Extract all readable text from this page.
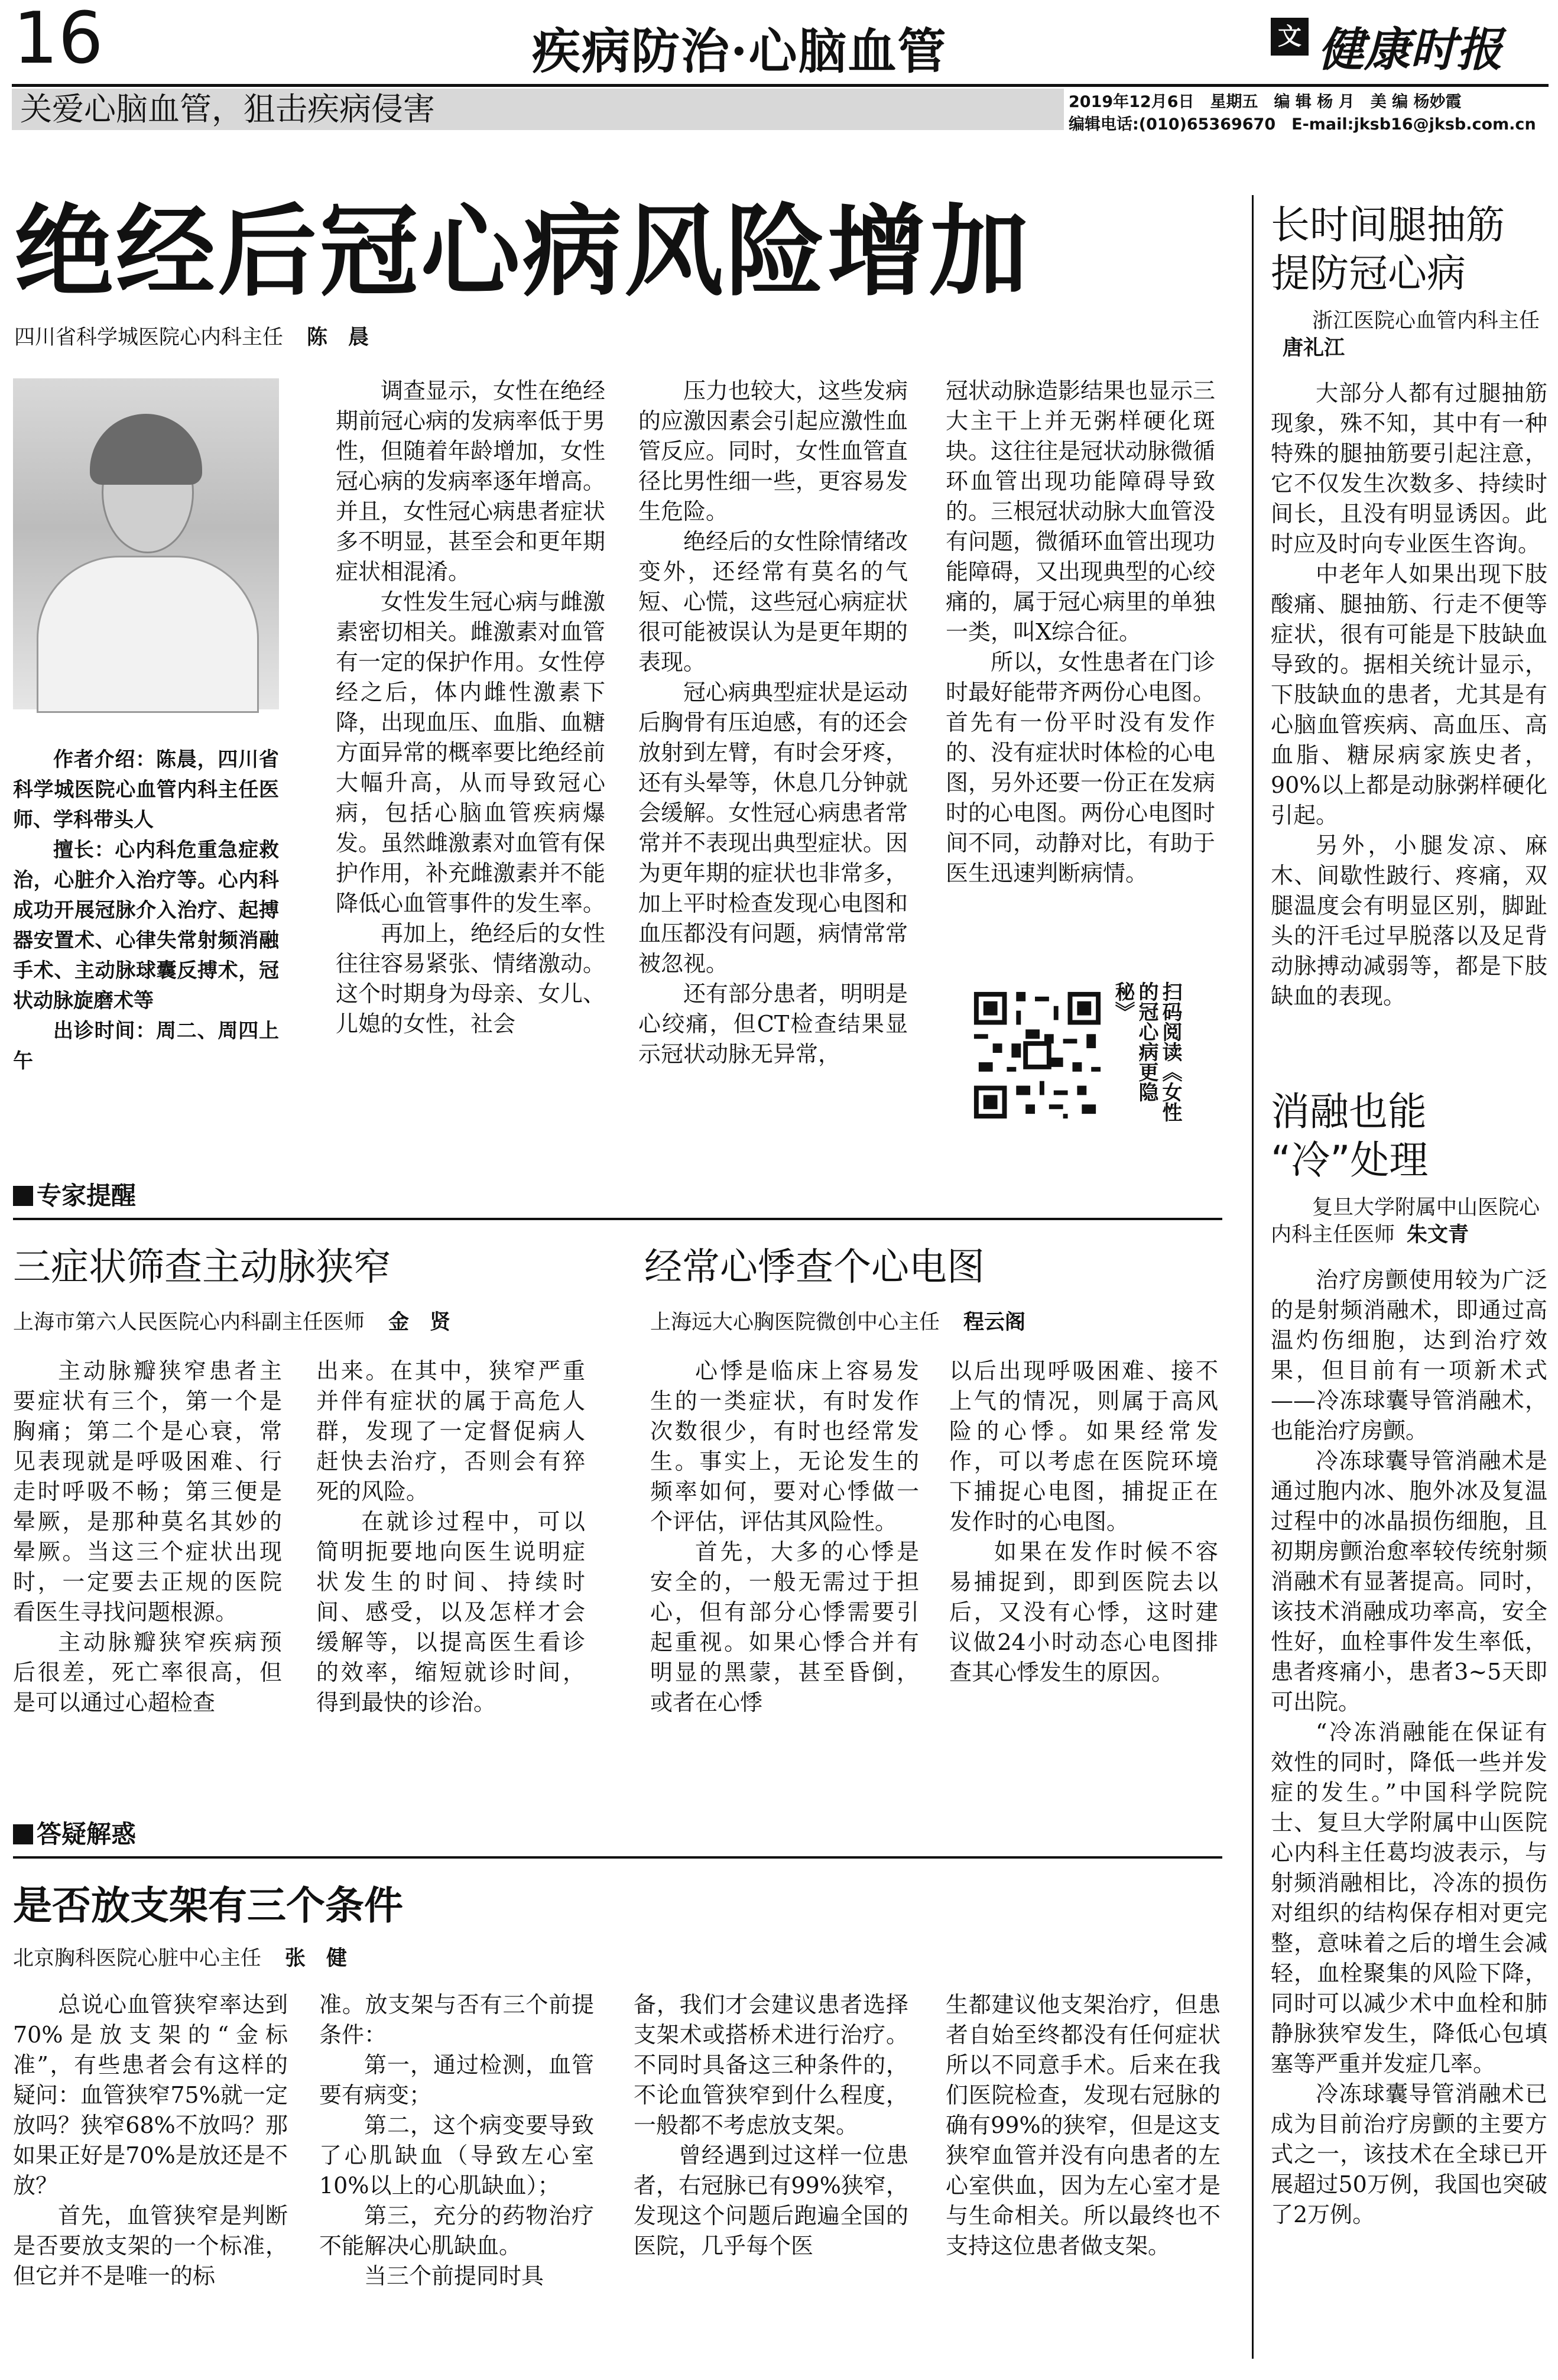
16	疾病防治·心脑血管	文 健康时报
关爱心脑血管，狙击疾病侵害	2019年12月6日　星期五　编 辑 杨 月　美 编 杨妙霞
编辑电话:(010)65369670　E-mail:jksb16@jksb.com.cn
绝经后冠心病风险增加
四川省科学城医院心内科主任 陈　晨

作者介绍：陈晨，四川省科学城医院心血管内科主任医师、学科带头人

擅长：心内科危重急症救治，心脏介入治疗等。心内科成功开展冠脉介入治疗、起搏器安置术、心律失常射频消融手术、主动脉球囊反搏术，冠状动脉旋磨术等

出诊时间：周二、周四上午

调查显示，女性在绝经期前冠心病的发病率低于男性，但随着年龄增加，女性冠心病的发病率逐年增高。并且，女性冠心病患者症状多不明显，甚至会和更年期症状相混淆。

女性发生冠心病与雌激素密切相关。雌激素对血管有一定的保护作用。女性停经之后，体内雌性激素下降，出现血压、血脂、血糖方面异常的概率要比绝经前大幅升高，从而导致冠心病，包括心脑血管疾病爆发。虽然雌激素对血管有保护作用，补充雌激素并不能降低心血管事件的发生率。

再加上，绝经后的女性往往容易紧张、情绪激动。这个时期身为母亲、女儿、儿媳的女性，社会

压力也较大，这些发病的应激因素会引起应激性血管反应。同时，女性血管直径比男性细一些，更容易发生危险。

绝经后的女性除情绪改变外，还经常有莫名的气短、心慌，这些冠心病症状很可能被误认为是更年期的表现。

冠心病典型症状是运动后胸骨有压迫感，有的还会放射到左臂，有时会牙疼，还有头晕等，休息几分钟就会缓解。女性冠心病患者常常并不表现出典型症状。因为更年期的症状也非常多，加上平时检查发现心电图和血压都没有问题，病情常常被忽视。

还有部分患者，明明是心绞痛，但CT检查结果显示冠状动脉无异常，

冠状动脉造影结果也显示三大主干上并无粥样硬化斑块。这往往是冠状动脉微循环血管出现功能障碍导致的。三根冠状动脉大血管没有问题，微循环血管出现功能障碍，又出现典型的心绞痛的，属于冠心病里的单独一类，叫X综合征。

所以，女性患者在门诊时最好能带齐两份心电图。首先有一份平时没有发作的、没有症状时体检的心电图，另外还要一份正在发病时的心电图。两份心电图时间不同，动静对比，有助于医生迅速判断病情。

扫码阅读《女性的冠心病更隐秘》
专家提醒
三症状筛查主动脉狭窄
上海市第六人民医院心内科副主任医师 金　贤

主动脉瓣狭窄患者主要症状有三个，第一个是胸痛；第二个是心衰，常见表现就是呼吸困难、行走时呼吸不畅；第三便是晕厥，是那种莫名其妙的晕厥。当这三个症状出现时，一定要去正规的医院看医生寻找问题根源。

主动脉瓣狭窄疾病预后很差，死亡率很高，但是可以通过心超检查

出来。在其中，狭窄严重并伴有症状的属于高危人群，发现了一定督促病人赶快去治疗，否则会有猝死的风险。

在就诊过程中，可以简明扼要地向医生说明症状发生的时间、持续时间、感受，以及怎样才会缓解等，以提高医生看诊的效率，缩短就诊时间，得到最快的诊治。

经常心悸查个心电图
上海远大心胸医院微创中心主任 程云阁

心悸是临床上容易发生的一类症状，有时发作次数很少，有时也经常发生。事实上，无论发生的频率如何，要对心悸做一个评估，评估其风险性。

首先，大多的心悸是安全的，一般无需过于担心，但有部分心悸需要引起重视。如果心悸合并有明显的黑蒙，甚至昏倒，或者在心悸

以后出现呼吸困难、接不上气的情况，则属于高风险的心悸。如果经常发作，可以考虑在医院环境下捕捉心电图，捕捉正在发作时的心电图。

如果在发作时候不容易捕捉到，即到医院去以后，又没有心悸，这时建议做24小时动态心电图排查其心悸发生的原因。

答疑解惑
是否放支架有三个条件
北京胸科医院心脏中心主任 张　健

总说心血管狭窄率达到70%是放支架的“金标准”，有些患者会有这样的疑问：血管狭窄75%就一定放吗？狭窄68%不放吗？那如果正好是70%是放还是不放？

首先，血管狭窄是判断是否要放支架的一个标准，但它并不是唯一的标

准。放支架与否有三个前提条件：

第一，通过检测，血管要有病变；

第二，这个病变要导致了心肌缺血（导致左心室10%以上的心肌缺血）；

第三，充分的药物治疗不能解决心肌缺血。

当三个前提同时具

备，我们才会建议患者选择支架术或搭桥术进行治疗。不同时具备这三种条件的，不论血管狭窄到什么程度，一般都不考虑放支架。

曾经遇到过这样一位患者，右冠脉已有99%狭窄，发现这个问题后跑遍全国的医院，几乎每个医

生都建议他支架治疗，但患者自始至终都没有任何症状所以不同意手术。后来在我们医院检查，发现右冠脉的确有99%的狭窄，但是这支狭窄血管并没有向患者的左心室供血，因为左心室才是与生命相关。所以最终也不支持这位患者做支架。

长时间腿抽筋
提防冠心病
浙江医院心血管内科主任唐礼江

大部分人都有过腿抽筋现象，殊不知，其中有一种特殊的腿抽筋要引起注意，它不仅发生次数多、持续时间长，且没有明显诱因。此时应及时向专业医生咨询。

中老年人如果出现下肢酸痛、腿抽筋、行走不便等症状，很有可能是下肢缺血导致的。据相关统计显示，下肢缺血的患者，尤其是有心脑血管疾病、高血压、高血脂、糖尿病家族史者，90%以上都是动脉粥样硬化引起。

另外，小腿发凉、麻木、间歇性跛行、疼痛，双腿温度会有明显区别，脚趾头的汗毛过早脱落以及足背动脉搏动减弱等，都是下肢缺血的表现。

消融也能
“冷”处理
复旦大学附属中山医院心内科主任医师 朱文青

治疗房颤使用较为广泛的是射频消融术，即通过高温灼伤细胞，达到治疗效果，但目前有一项新术式——冷冻球囊导管消融术，也能治疗房颤。

冷冻球囊导管消融术是通过胞内冰、胞外冰及复温过程中的冰晶损伤细胞，且初期房颤治愈率较传统射频消融术有显著提高。同时，该技术消融成功率高，安全性好，血栓事件发生率低，患者疼痛小，患者3~5天即可出院。

“冷冻消融能在保证有效性的同时，降低一些并发症的发生。”中国科学院院士、复旦大学附属中山医院心内科主任葛均波表示，与射频消融相比，冷冻的损伤对组织的结构保存相对更完整，意味着之后的增生会减轻，血栓聚集的风险下降，同时可以减少术中血栓和肺静脉狭窄发生，降低心包填塞等严重并发症几率。

冷冻球囊导管消融术已成为目前治疗房颤的主要方式之一，该技术在全球已开展超过50万例，我国也突破了2万例。
